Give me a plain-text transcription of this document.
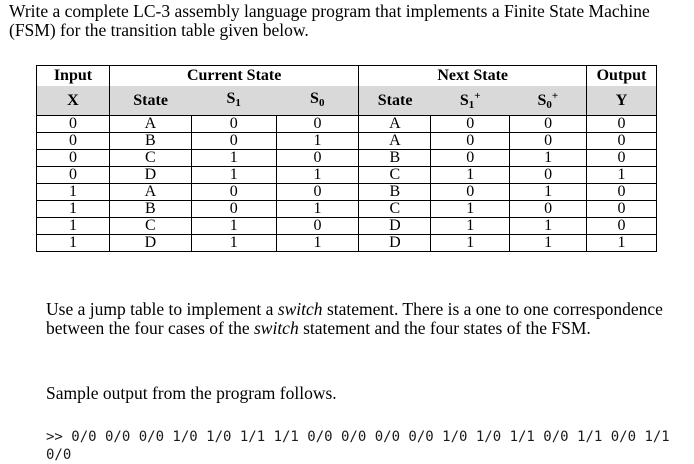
Write a complete LC-3 assembly language program that implements a Finite State Machine (FSM) for the transition table given below.
Input	Current State			Next State			Output
X	State	S1	S0	State	S1+	S0+	Y
0	A	0	0	A	0	0	0
0	B	0	1	A	0	0	0
0	C	1	0	B	0	1	0
0	D	1	1	C	1	0	1
1	A	0	0	B	0	1	0
1	B	0	1	C	1	0	0
1	C	1	0	D	1	1	0
1	D	1	1	D	1	1	1
Use a jump table to implement a switch statement. There is a one to one correspondence between the four cases of the switch statement and the four states of the FSM.
Sample output from the program follows.
>> 0/0 0/0 0/0 1/0 1/0 1/1 1/1 0/0 0/0 0/0 0/0 1/0 1/0 1/1 0/0 1/1 0/0 1/1 0/0
